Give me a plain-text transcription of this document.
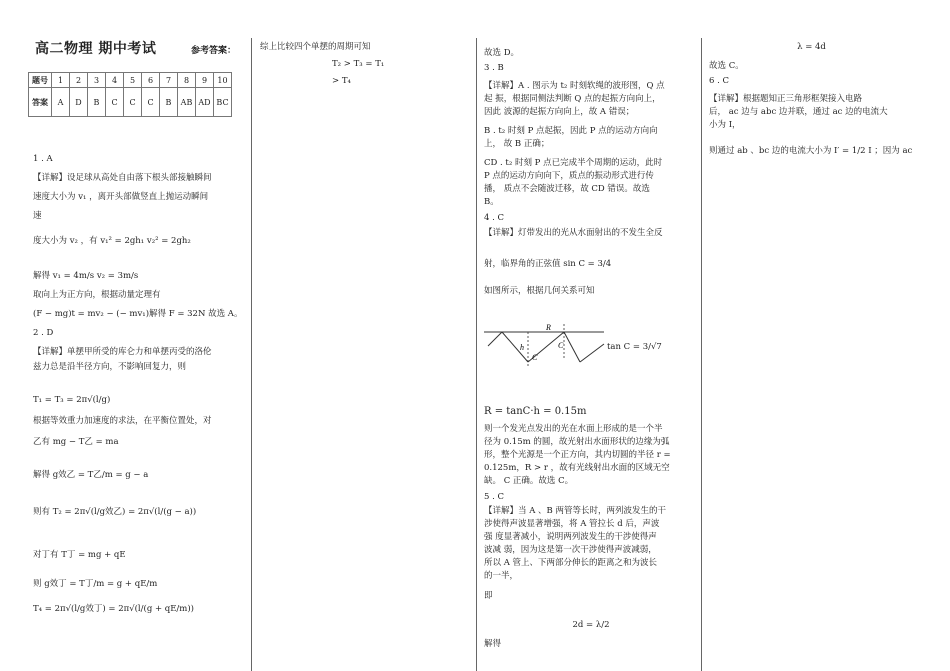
高二物理 期中考试	参考答案：
题号	1	2	3	4	5	6	7	8	9	10
答案	A	D	B	C	C	C	B	AB	AD	BC

1 . A

【详解】设足球从高处自由落下根头部接触瞬间

速度大小为 v₁ ，离开头部做竖直上抛运动瞬间

速

度大小为 v₂ ，有 v₁² = 2gh₁ v₂² = 2gh₂

解得 v₁ = 4m/s v₂ = 3m/s

取向上为正方向，根据动量定理有

(F − mg)t = mv₂ − (− mv₁)解得 F = 32N 故选 A。

2 . D

【详解】单摆甲所受的库仑力和单摆丙受的洛伦

兹力总是沿半径方向，不影响回复力，则

T₁ = T₃ = 2π√(l/g)

根据等效重力加速度的求法，在平衡位置处，对

乙有 mg − T乙 = ma

解得 g效乙 = T乙/m = g − a

则有 T₂ = 2π√(l/g效乙) = 2π√(l/(g − a))

对丁有 T丁 = mg + qE

则 g效丁 = T丁/m = g + qE/m

T₄ = 2π√(l/g效丁) = 2π√(l/(g + qE/m))

综上比较四个单摆的周期可知

T₂ > T₃ = T₁

> T₄

故选 D。

3 . B

【详解】A . 图示为 t₂ 时刻软绳的波形图，Q 点

起 振，根据同侧法判断 Q 点的起振方向向上，

因此 波源的起振方向向上，故 A 错误；

B . t₂ 时刻 P 点起振，因此 P 点的运动方向向

上， 故 B 正确；

CD . t₂ 时刻 P 点已完成半个周期的运动，此时

P 点的运动方向向下，质点的振动形式进行传

播， 质点不会随波迁移，故 CD 错误。故选

B。

4 . C

【详解】灯带发出的光从水面射出的不发生全反

射，临界角的正弦值 sin C = 3/4

如图所示，根据几何关系可知

R
h
C
C	tan C = 3/√7

R = tanC·h = 0.15m

则一个发光点发出的光在水面上形成的是一个半

径为 0.15m 的圆，故光射出水面形状的边缘为弧

形，整个光源是一个正方向，其内切圆的半径 r =

0.125m，R > r ，故有光线射出水面的区域无空

缺。 C 正确。故选 C。

5 . C

【详解】当 A 、B 两管等长时，两列波发生的干

涉使得声波显著增强，将 A 管拉长 d 后，声波

强 度显著减小，说明两列波发生的干涉使得声

波减 弱，因为这是第一次干涉使得声波减弱，

所以 A 管上、下两部分伸长的距离之和为波长

的一半，

即

2d = λ/2

解得

λ = 4d

故选 C。

6 . C

【详解】根据题知正三角形框架接入电路

后， ac 边与 abc 边并联，通过 ac 边的电流大

小为 I，

则通过 ab 、bc 边的电流大小为 I′ = 1/2 I ；因为 ac
